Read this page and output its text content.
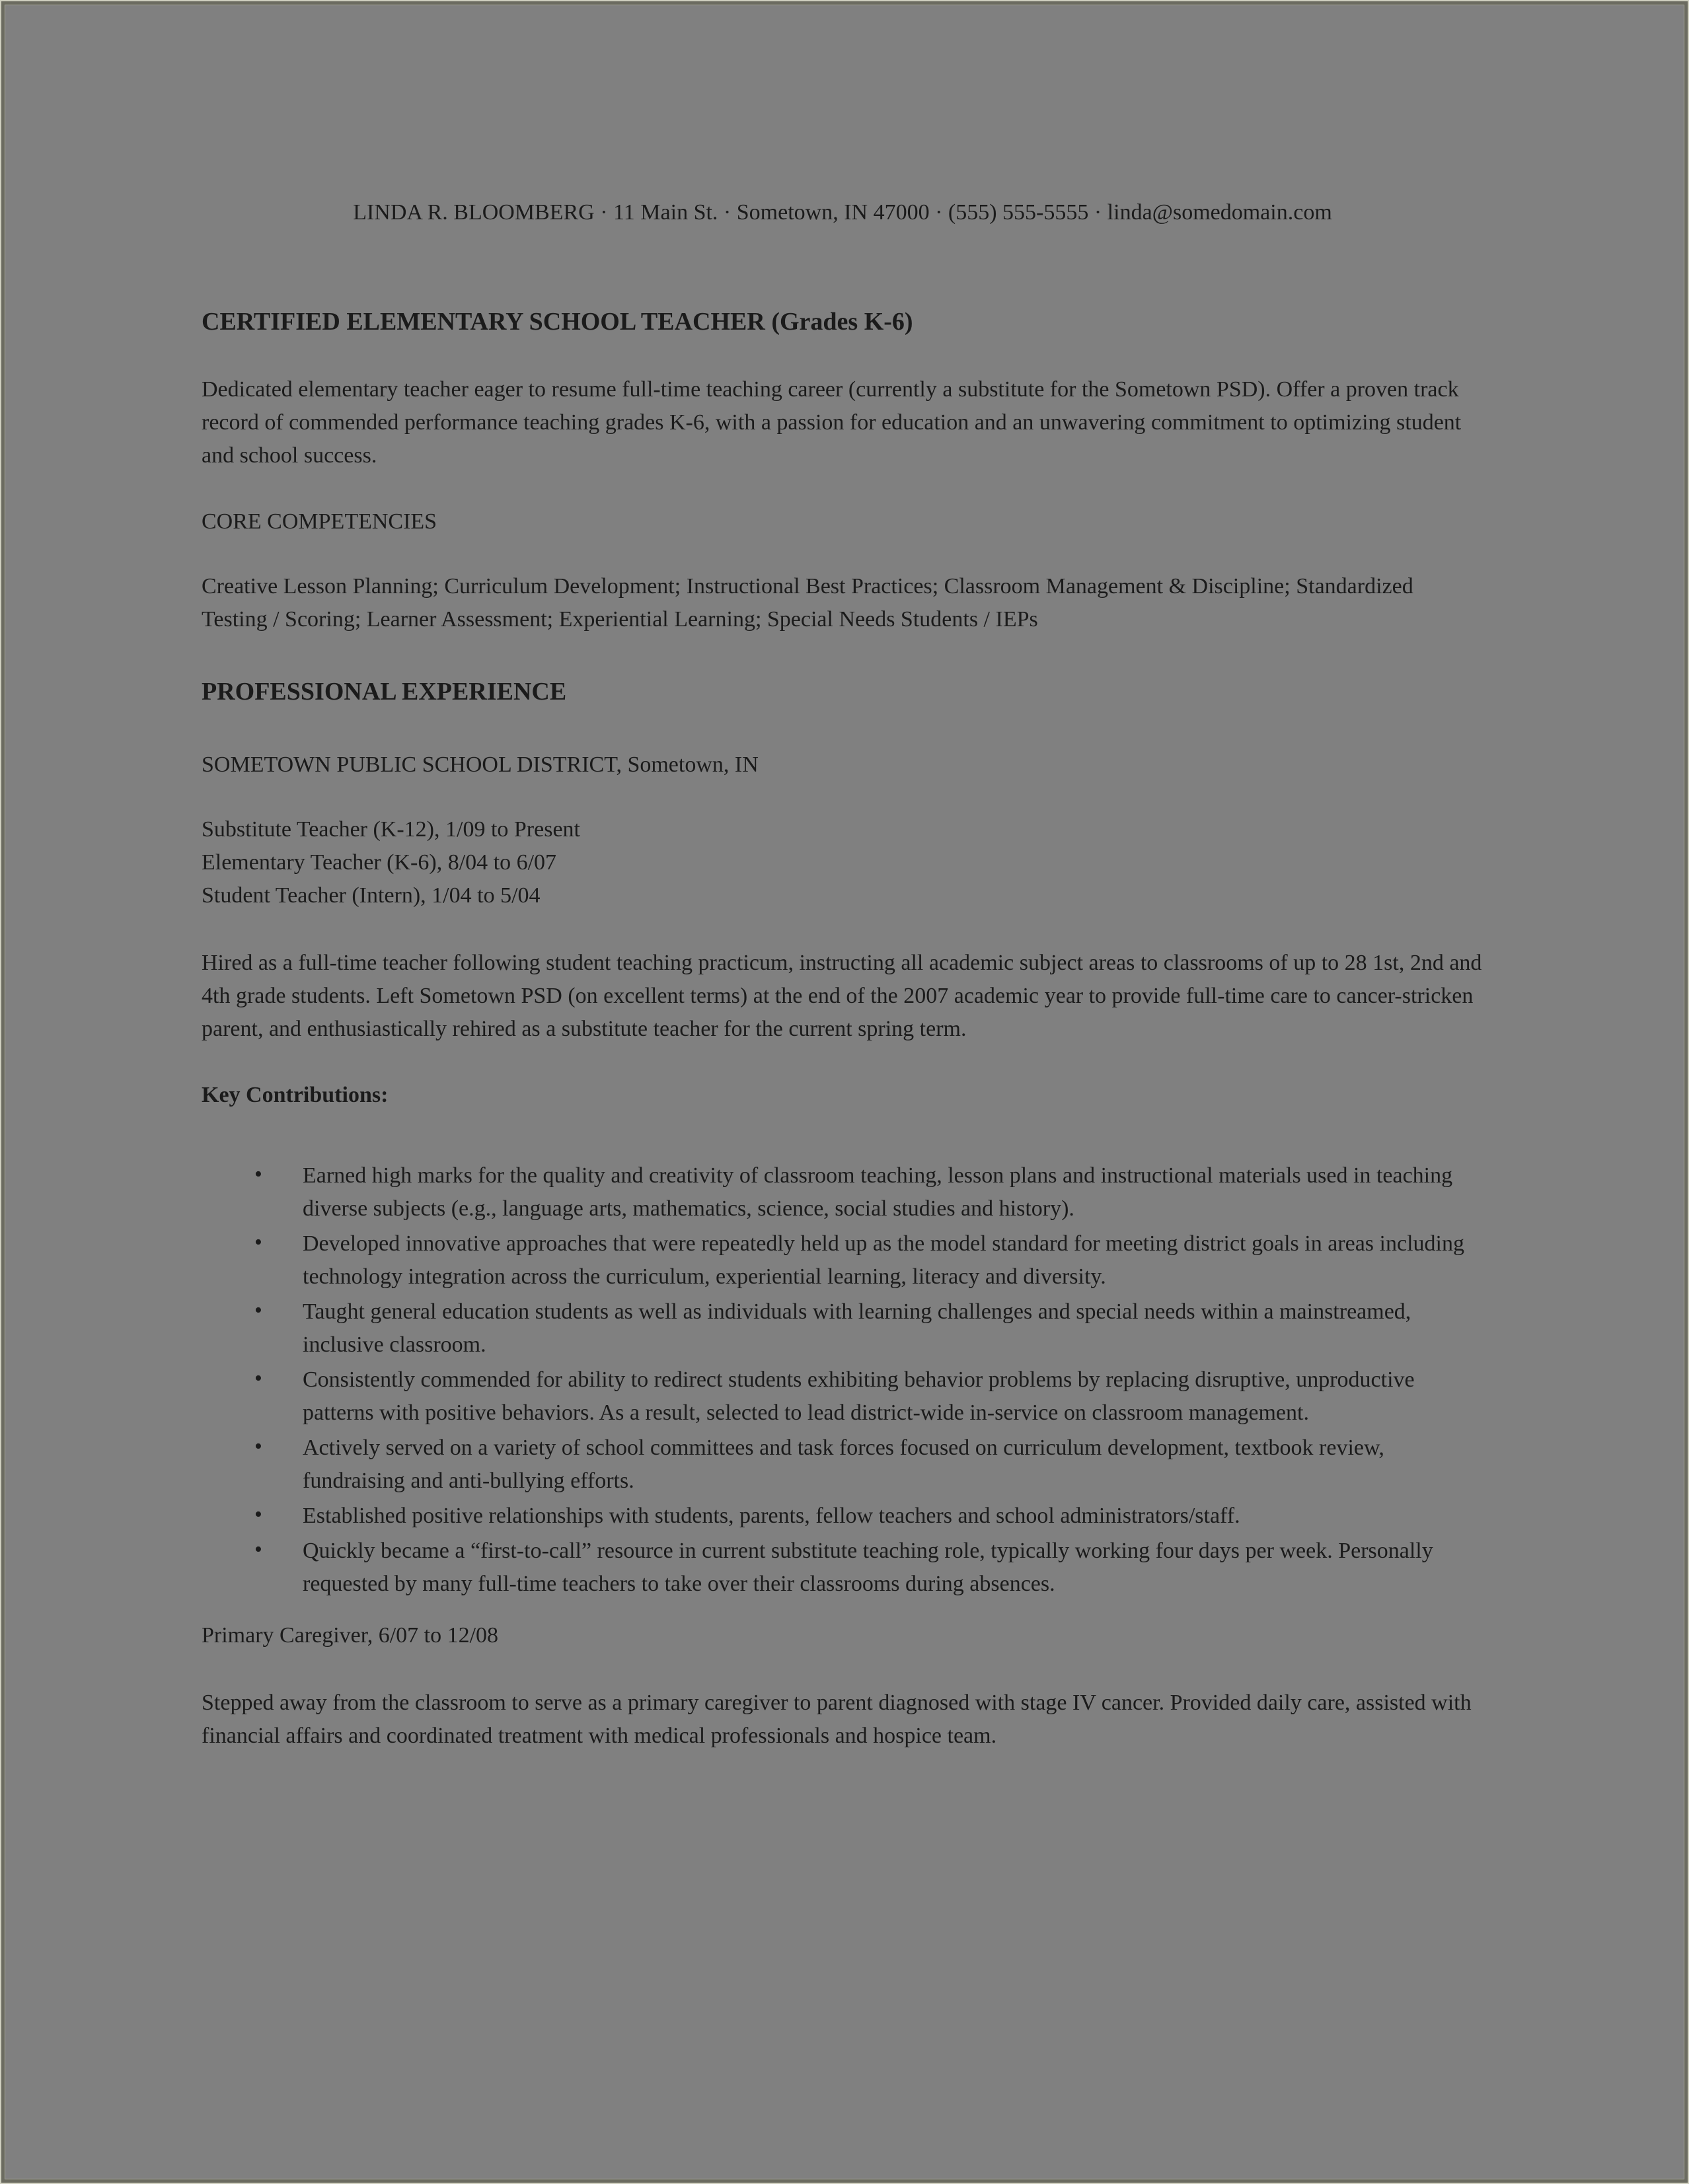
LINDA R. BLOOMBERG · 11 Main St. · Sometown, IN 47000 · (555) 555-5555 · linda@somedomain.com
CERTIFIED ELEMENTARY SCHOOL TEACHER (Grades K-6)

Dedicated elementary teacher eager to resume full-time teaching career (currently a substitute for the Sometown PSD). Offer a proven track record of commended performance teaching grades K-6, with a passion for education and an unwavering commitment to optimizing student and school success.

CORE COMPETENCIES

Creative Lesson Planning; Curriculum Development; Instructional Best Practices; Classroom Management & Discipline; Standardized Testing / Scoring; Learner Assessment; Experiential Learning; Special Needs Students / IEPs

PROFESSIONAL EXPERIENCE
SOMETOWN PUBLIC SCHOOL DISTRICT, Sometown, IN
Substitute Teacher (K-12), 1/09 to Present
Elementary Teacher (K-6), 8/04 to 6/07
Student Teacher (Intern), 1/04 to 5/04

Hired as a full-time teacher following student teaching practicum, instructing all academic subject areas to classrooms of up to 28 1st, 2nd and 4th grade students. Left Sometown PSD (on excellent terms) at the end of the 2007 academic year to provide full-time care to cancer-stricken parent, and enthusiastically rehired as a substitute teacher for the current spring term.

Key Contributions:
• Earned high marks for the quality and creativity of classroom teaching, lesson plans and instructional materials used in teaching diverse subjects (e.g., language arts, mathematics, science, social studies and history).
• Developed innovative approaches that were repeatedly held up as the model standard for meeting district goals in areas including technology integration across the curriculum, experiential learning, literacy and diversity.
• Taught general education students as well as individuals with learning challenges and special needs within a mainstreamed, inclusive classroom.
• Consistently commended for ability to redirect students exhibiting behavior problems by replacing disruptive, unproductive patterns with positive behaviors. As a result, selected to lead district-wide in-service on classroom management.
• Actively served on a variety of school committees and task forces focused on curriculum development, textbook review, fundraising and anti-bullying efforts.
• Established positive relationships with students, parents, fellow teachers and school administrators/staff.
• Quickly became a “first-to-call” resource in current substitute teaching role, typically working four days per week. Personally requested by many full-time teachers to take over their classrooms during absences.
Primary Caregiver, 6/07 to 12/08

Stepped away from the classroom to serve as a primary caregiver to parent diagnosed with stage IV cancer. Provided daily care, assisted with financial affairs and coordinated treatment with medical professionals and hospice team.
